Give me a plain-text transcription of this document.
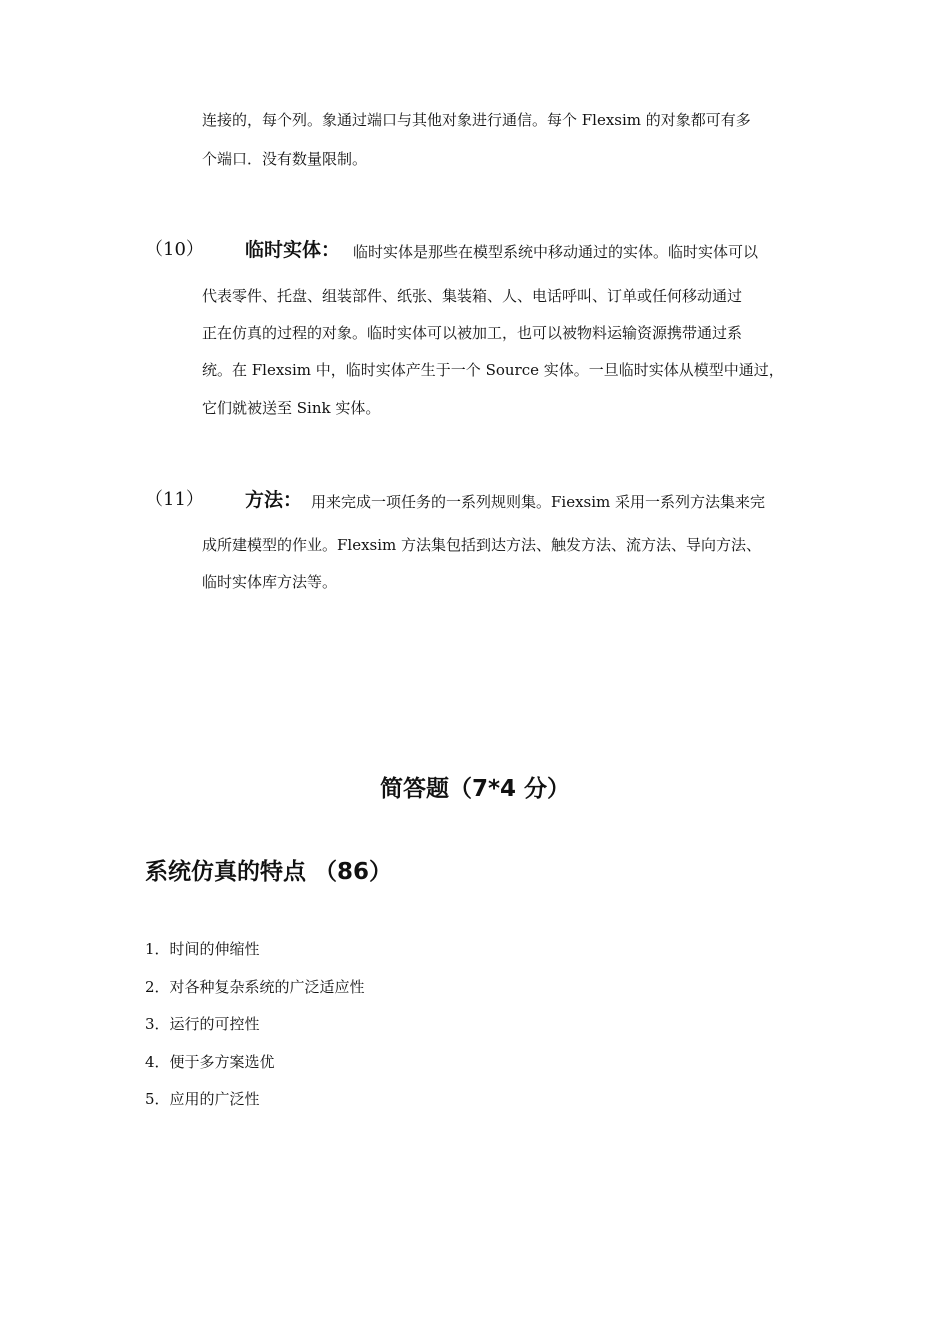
连接的，每个列。象通过端口与其他对象进行通信。每个 Flexsim 的对象都可有多
个端口．没有数量限制。
（10） 临时实体： 临时实体是那些在模型系统中移动通过的实体。临时实体可以
代表零件、托盘、组装部件、纸张、集装箱、人、电话呼叫、订单或任何移动通过
正在仿真的过程的对象。临时实体可以被加工，也可以被物料运输资源携带通过系
统。在 Flexsim 中，临时实体产生于一个 Source 实体。一旦临时实体从模型中通过，
它们就被送至 Sink 实体。
（11） 方法： 用来完成一项任务的一系列规则集。Fiexsim 采用一系列方法集来完
成所建模型的作业。Flexsim 方法集包括到达方法、触发方法、流方法、导向方法、
临时实体库方法等。
简答题（7*4 分）
系统仿真的特点 （86）
1．时间的伸缩性
2．对各种复杂系统的广泛适应性
3．运行的可控性
4．便于多方案选优
5．应用的广泛性
